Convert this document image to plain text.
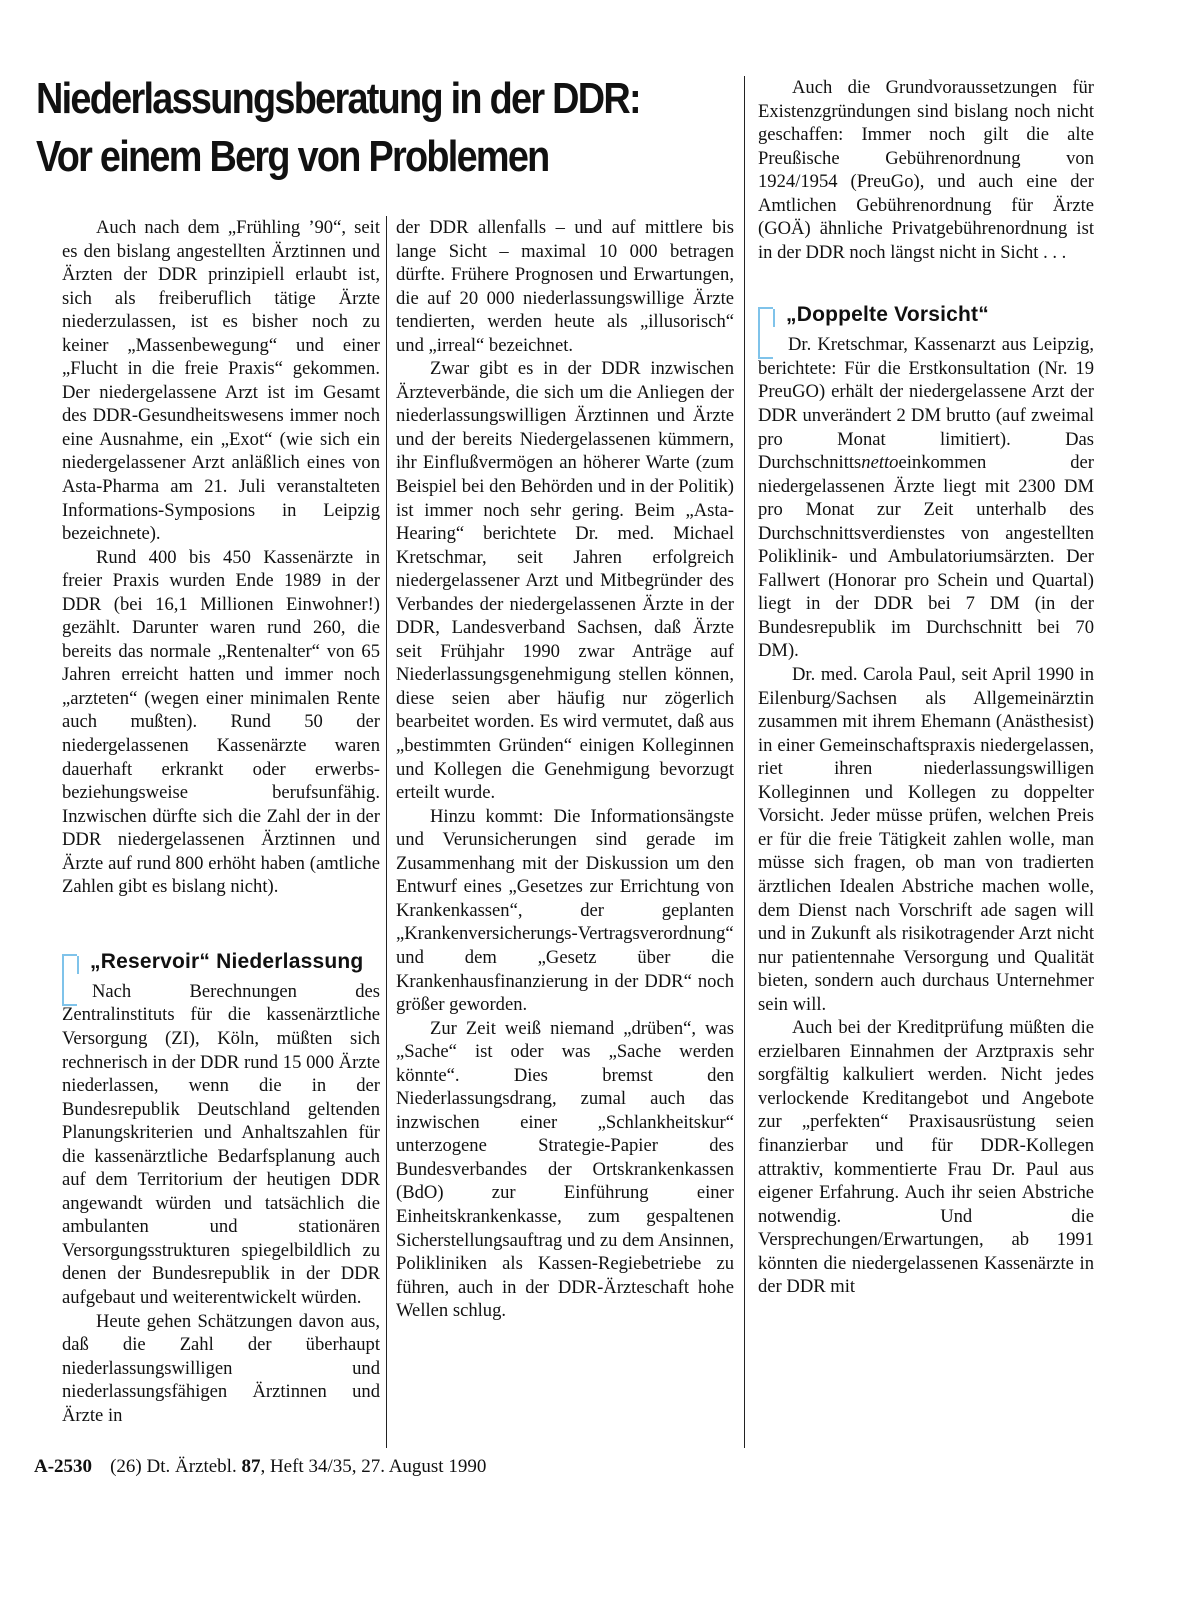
Niederlassungsberatung in der DDR:
Vor einem Berg von Problemen

Auch nach dem „Frühling ’90“, seit es den bislang angestellten Ärztinnen und Ärzten der DDR prinzipiell erlaubt ist, sich als freiberuflich tätige Ärzte niederzulassen, ist es bisher noch zu keiner „Massenbewegung“ und einer „Flucht in die freie Praxis“ gekommen. Der niedergelassene Arzt ist im Gesamt des DDR-Gesundheitswesens immer noch eine Ausnahme, ein „Exot“ (wie sich ein niedergelassener Arzt anläßlich eines von Asta-Pharma am 21. Juli veranstalteten Informations-Symposions in Leipzig bezeichnete).

Rund 400 bis 450 Kassenärzte in freier Praxis wurden Ende 1989 in der DDR (bei 16,1 Millionen Einwohner!) gezählt. Darunter waren rund 260, die bereits das normale „Rentenalter“ von 65 Jahren erreicht hatten und immer noch „arzteten“ (wegen einer minimalen Rente auch mußten). Rund 50 der niedergelassenen Kassenärzte waren dauerhaft erkrankt oder erwerbs- beziehungsweise berufsunfähig. Inzwischen dürfte sich die Zahl der in der DDR niedergelassenen Ärztinnen und Ärzte auf rund 800 erhöht haben (amtliche Zahlen gibt es bislang nicht).

„Reservoir“ Niederlassung

Nach Berechnungen des Zentralinstituts für die kassenärztliche Versorgung (ZI), Köln, müßten sich rechnerisch in der DDR rund 15 000 Ärzte niederlassen, wenn die in der Bundesrepublik Deutschland geltenden Planungskriterien und Anhaltszahlen für die kassenärztliche Bedarfsplanung auch auf dem Territorium der heutigen DDR angewandt würden und tatsächlich die ambulanten und stationären Versorgungsstrukturen spiegelbildlich zu denen der Bundesrepublik in der DDR aufgebaut und weiterentwickelt würden.

Heute gehen Schätzungen davon aus, daß die Zahl der überhaupt niederlassungswilligen und niederlassungsfähigen Ärztinnen und Ärzte in

der DDR allenfalls – und auf mittlere bis lange Sicht – maximal 10 000 betragen dürfte. Frühere Prognosen und Erwartungen, die auf 20 000 niederlassungswillige Ärzte tendierten, werden heute als „illusorisch“ und „irreal“ bezeichnet.

Zwar gibt es in der DDR inzwischen Ärzteverbände, die sich um die Anliegen der niederlassungswilligen Ärztinnen und Ärzte und der bereits Niedergelassenen kümmern, ihr Einflußvermögen an höherer Warte (zum Beispiel bei den Behörden und in der Politik) ist immer noch sehr gering. Beim „Asta-Hearing“ berichtete Dr. med. Michael Kretschmar, seit Jahren erfolgreich niedergelassener Arzt und Mitbegründer des Verbandes der niedergelassenen Ärzte in der DDR, Landesverband Sachsen, daß Ärzte seit Frühjahr 1990 zwar Anträge auf Niederlassungsgenehmigung stellen können, diese seien aber häufig nur zögerlich bearbeitet worden. Es wird vermutet, daß aus „bestimmten Gründen“ einigen Kolleginnen und Kollegen die Genehmigung bevorzugt erteilt wurde.

Hinzu kommt: Die Informationsängste und Verunsicherungen sind gerade im Zusammenhang mit der Diskussion um den Entwurf eines „Gesetzes zur Errichtung von Krankenkassen“, der geplanten „Krankenversicherungs-Vertragsverordnung“ und dem „Gesetz über die Krankenhausfinanzierung in der DDR“ noch größer geworden.

Zur Zeit weiß niemand „drüben“, was „Sache“ ist oder was „Sache werden könnte“. Dies bremst den Niederlassungsdrang, zumal auch das inzwischen einer „Schlankheitskur“ unterzogene Strategie-Papier des Bundesverbandes der Ortskrankenkassen (BdO) zur Einführung einer Einheitskrankenkasse, zum gespaltenen Sicherstellungsauftrag und zu dem Ansinnen, Polikliniken als Kassen-Regiebetriebe zu führen, auch in der DDR-Ärzteschaft hohe Wellen schlug.

Auch die Grundvoraussetzungen für Existenzgründungen sind bislang noch nicht geschaffen: Immer noch gilt die alte Preußische Gebührenordnung von 1924/1954 (PreuGo), und auch eine der Amtlichen Gebührenordnung für Ärzte (GOÄ) ähnliche Privatgebührenordnung ist in der DDR noch längst nicht in Sicht . . .

„Doppelte Vorsicht“

Dr. Kretschmar, Kassenarzt aus Leipzig, berichtete: Für die Erstkonsultation (Nr. 19 PreuGO) erhält der niedergelassene Arzt der DDR unverändert 2 DM brutto (auf zweimal pro Monat limitiert). Das Durchschnittsnettoeinkommen der niedergelassenen Ärzte liegt mit 2300 DM pro Monat zur Zeit unterhalb des Durchschnittsverdienstes von angestellten Poliklinik- und Ambulatoriumsärzten. Der Fallwert (Honorar pro Schein und Quartal) liegt in der DDR bei 7 DM (in der Bundesrepublik im Durchschnitt bei 70 DM).

Dr. med. Carola Paul, seit April 1990 in Eilenburg/Sachsen als Allgemeinärztin zusammen mit ihrem Ehemann (Anästhesist) in einer Gemeinschaftspraxis niedergelassen, riet ihren niederlassungswilligen Kolleginnen und Kollegen zu doppelter Vorsicht. Jeder müsse prüfen, welchen Preis er für die freie Tätigkeit zahlen wolle, man müsse sich fragen, ob man von tradierten ärztlichen Idealen Abstriche machen wolle, dem Dienst nach Vorschrift ade sagen will und in Zukunft als risikotragender Arzt nicht nur patientennahe Versorgung und Qualität bieten, sondern auch durchaus Unternehmer sein will.

Auch bei der Kreditprüfung müßten die erzielbaren Einnahmen der Arztpraxis sehr sorgfältig kalkuliert werden. Nicht jedes verlockende Kreditangebot und Angebote zur „perfekten“ Praxisausrüstung seien finanzierbar und für DDR-Kollegen attraktiv, kommentierte Frau Dr. Paul aus eigener Erfahrung. Auch ihr seien Abstriche notwendig. Und die Versprechungen/Erwartungen, ab 1991 könnten die niedergelassenen Kassenärzte in der DDR mit

A-2530 (26) Dt. Ärztebl. 87, Heft 34/35, 27. August 1990
